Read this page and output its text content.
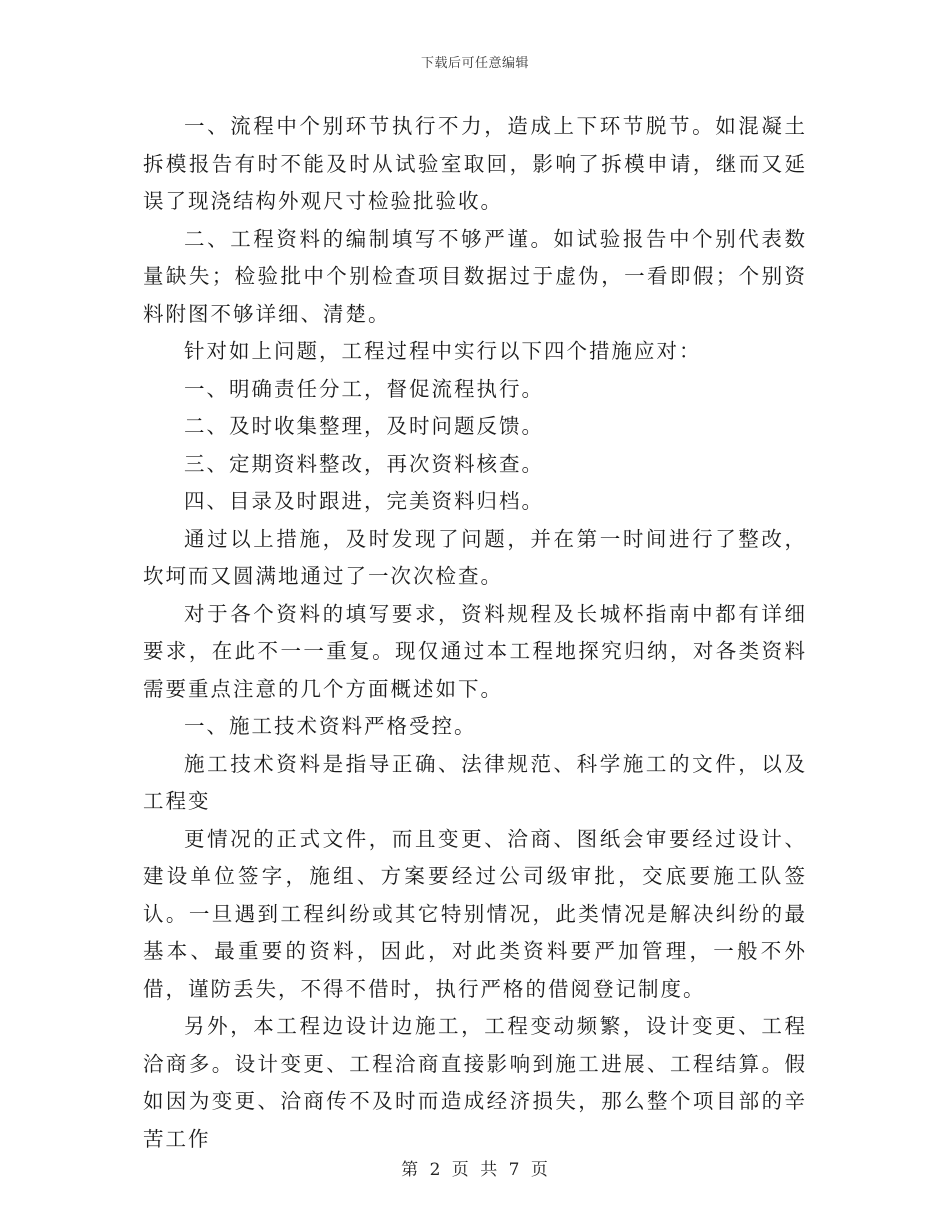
下载后可任意编辑

一、流程中个别环节执行不力，造成上下环节脱节。如混凝土拆模报告有时不能及时从试验室取回，影响了拆模申请，继而又延误了现浇结构外观尺寸检验批验收。

二、工程资料的编制填写不够严谨。如试验报告中个别代表数量缺失；检验批中个别检查项目数据过于虚伪，一看即假；个别资料附图不够详细、清楚。

针对如上问题，工程过程中实行以下四个措施应对：

一、明确责任分工，督促流程执行。

二、及时收集整理，及时问题反馈。

三、定期资料整改，再次资料核查。

四、目录及时跟进，完美资料归档。

通过以上措施，及时发现了问题，并在第一时间进行了整改，坎坷而又圆满地通过了一次次检查。

对于各个资料的填写要求，资料规程及长城杯指南中都有详细要求，在此不一一重复。现仅通过本工程地探究归纳，对各类资料需要重点注意的几个方面概述如下。

一、施工技术资料严格受控。

施工技术资料是指导正确、法律规范、科学施工的文件，以及工程变

更情况的正式文件，而且变更、洽商、图纸会审要经过设计、建设单位签字，施组、方案要经过公司级审批，交底要施工队签认。一旦遇到工程纠纷或其它特别情况，此类情况是解决纠纷的最基本、最重要的资料，因此，对此类资料要严加管理，一般不外借，谨防丢失，不得不借时，执行严格的借阅登记制度。

另外，本工程边设计边施工，工程变动频繁，设计变更、工程洽商多。设计变更、工程洽商直接影响到施工进展、工程结算。假如因为变更、洽商传不及时而造成经济损失，那么整个项目部的辛苦工作

第 2 页 共 7 页
